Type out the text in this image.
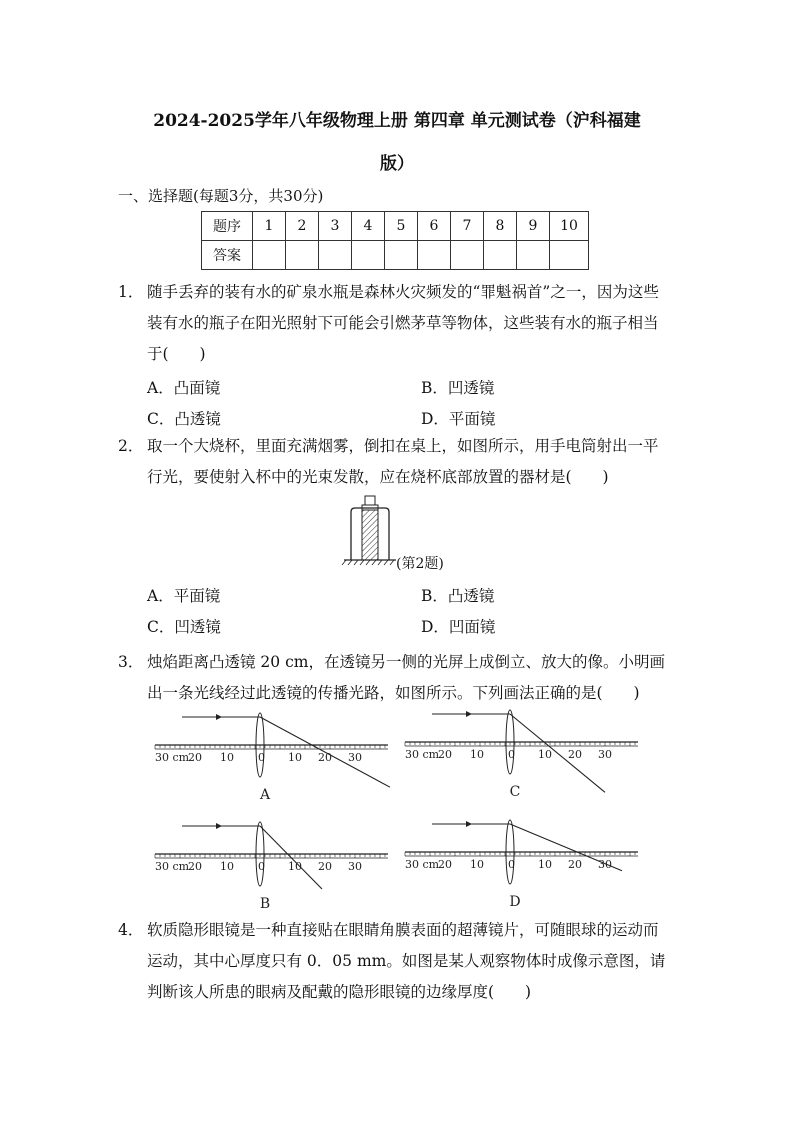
2024-2025学年八年级物理上册 第四章 单元测试卷（沪科福建
版）
一、选择题(每题3分，共30分)
题序	1	2	3	4	5	6	7	8	9	10
答案										
1． 随手丢弃的装有水的矿泉水瓶是森林火灾频发的“罪魁祸首”之一，因为这些
装有水的瓶子在阳光照射下可能会引燃茅草等物体，这些装有水的瓶子相当
于(　　)
A．凸面镜	B．凹透镜
C．凸透镜	D．平面镜
2． 取一个大烧杯，里面充满烟雾，倒扣在桌上，如图所示，用手电筒射出一平
行光，要使射入杯中的光束发散，应在烧杯底部放置的器材是(　　)
(第2题)
A．平面镜	B．凸透镜
C．凹透镜	D．凹面镜
3． 烛焰距离凸透镜 20 cm，在透镜另一侧的光屏上成倒立、放大的像。小明画
出一条光线经过此透镜的传播光路，如图所示。下列画法正确的是(　　)
30 cm
20 10 0 10 20 30
A
30 cm
20 10 0 10 20 30
C
30 cm
20 10 0 10 20 30
B
30 cm
20 10 0 10 20 30
D
4． 软质隐形眼镜是一种直接贴在眼睛角膜表面的超薄镜片，可随眼球的运动而
运动，其中心厚度只有 0．05 mm。如图是某人观察物体时成像示意图，请
判断该人所患的眼病及配戴的隐形眼镜的边缘厚度(　　)
